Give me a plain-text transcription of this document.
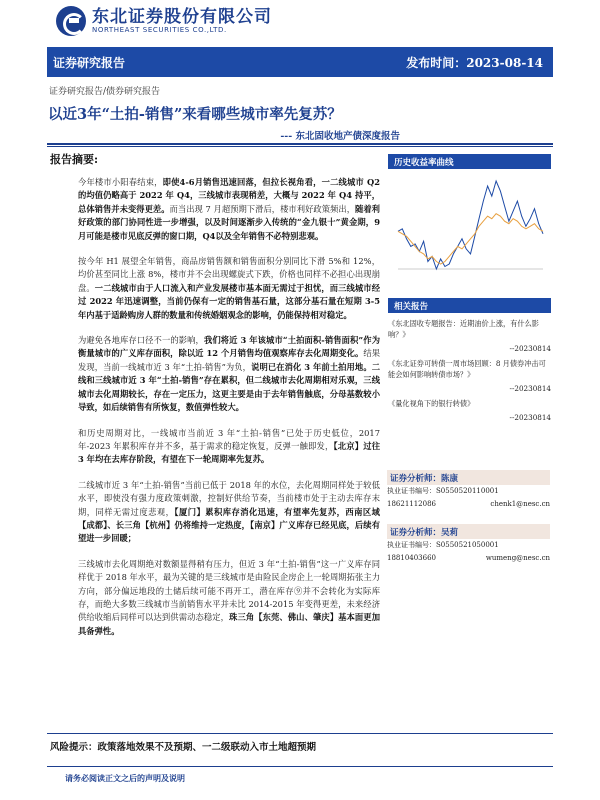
东北证券股份有限公司
NORTHEAST SECURITIES CO.,LTD.
证券研究报告	发布时间：2023-08-14
证券研究报告/债券研究报告
以近3年“土拍-销售”来看哪些城市率先复苏？
--- 东北固收地产债深度报告
报告摘要:

今年楼市小阳春结束，即使4-6月销售迅速回落，但拉长视角看，一二线城市 Q2 的均值仍略高于 2022 年 Q4，三线城市表现稍差，大概与 2022 年 Q4 持平，总体销售并未变得更差。而当出现 7 月超预期下滑后，楼市利好政策频出，随着利好政策的部门协同性进一步增强，以及时间逐渐步入传统的“金九银十”黄金期，9月可能是楼市见底反弹的窗口期，Q4以及全年销售不必特别悲观。

按今年 H1 展望全年销售，商品房销售额和销售面积分别同比下滑 5%和 12%，均价甚至同比上涨 8%，楼市并不会出现螺旋式下跌，价格也同样不必担心出现崩盘。一二线城市由于人口流入和产业发展楼市基本面无需过于担忧，而三线城市经过 2022 年迅速调整，当前仍保有一定的销售基石量，这部分基石量在短期 3-5 年内基于适龄购房人群的数量和传统婚姻观念的影响，仍能保持相对稳定。

为避免各地库存口径不一的影响，我们将近 3 年该城市“土拍面积-销售面积”作为衡量城市的广义库存面积，除以近 12 个月销售均值观察库存去化周期变化。结果发现，当前一线城市近 3 年“土拍-销售”为负，说明已在消化 3 年前土拍用地。二线和三线城市近 3 年“土拍-销售”存在累积，但二线城市去化周期相对乐观，三线城市去化周期较长，存在一定压力，这更主要是由于去年销售触底，分母基数较小导致，如后续销售有所恢复，数值弹性较大。

和历史周期对比，一线城市当前近 3 年“土拍-销售”已处于历史低位，2017 年-2023 年累积库存并不多，基于需求的稳定恢复，反弹一触即发，【北京】过往 3 年均在去库存阶段，有望在下一轮周期率先复苏。

二线城市近 3 年“土拍-销售”当前已低于 2018 年的水位，去化周期同样处于较低水平，即使没有强力度政策刺激，控制好供给节奏，当前楼市处于主动去库存末期，同样无需过度悲观，【厦门】累积库存消化迅速，有望率先复苏，西南区域【成都】、长三角【杭州】仍将维持一定热度，【南京】广义库存已经见底，后续有望进一步回暖；

三线城市去化周期绝对数额显得稍有压力，但近 3 年“土拍-销售”这一广义库存同样优于 2018 年水平，最为关键的是三线城市是由险民企房企上一轮周期拓张主力方向，部分偏远地段的土储后续可能不再开工，潜在库存⑨并不会转化为实际库存，而绝大多数三线城市当前销售水平并未比 2014-2015 年变得更差，未来经济供给收缩后同样可以达到供需动态稳定，珠三角【东莞、佛山、肇庆】基本面更加具备弹性。

历史收益率曲线
相关报告
《东北固收专题报告：近期油价上涨，有什么影响？》
--20230814
《东北证券可转债一周市场回顾：8 月债券冲击可能会如何影响转债市场？》
--20230814
《量化视角下的银行转债》
--20230814
证券分析师：陈康
执业证书编号： S0550520110001
18621112086	chenk1@nesc.cn
证券分析师：吴莉
执业证书编号： S0550521050001
18810403660	wumeng@nesc.cn
风险提示：政策落地效果不及预期、一二级联动入市土地超预期
请务必阅读正文之后的声明及说明
